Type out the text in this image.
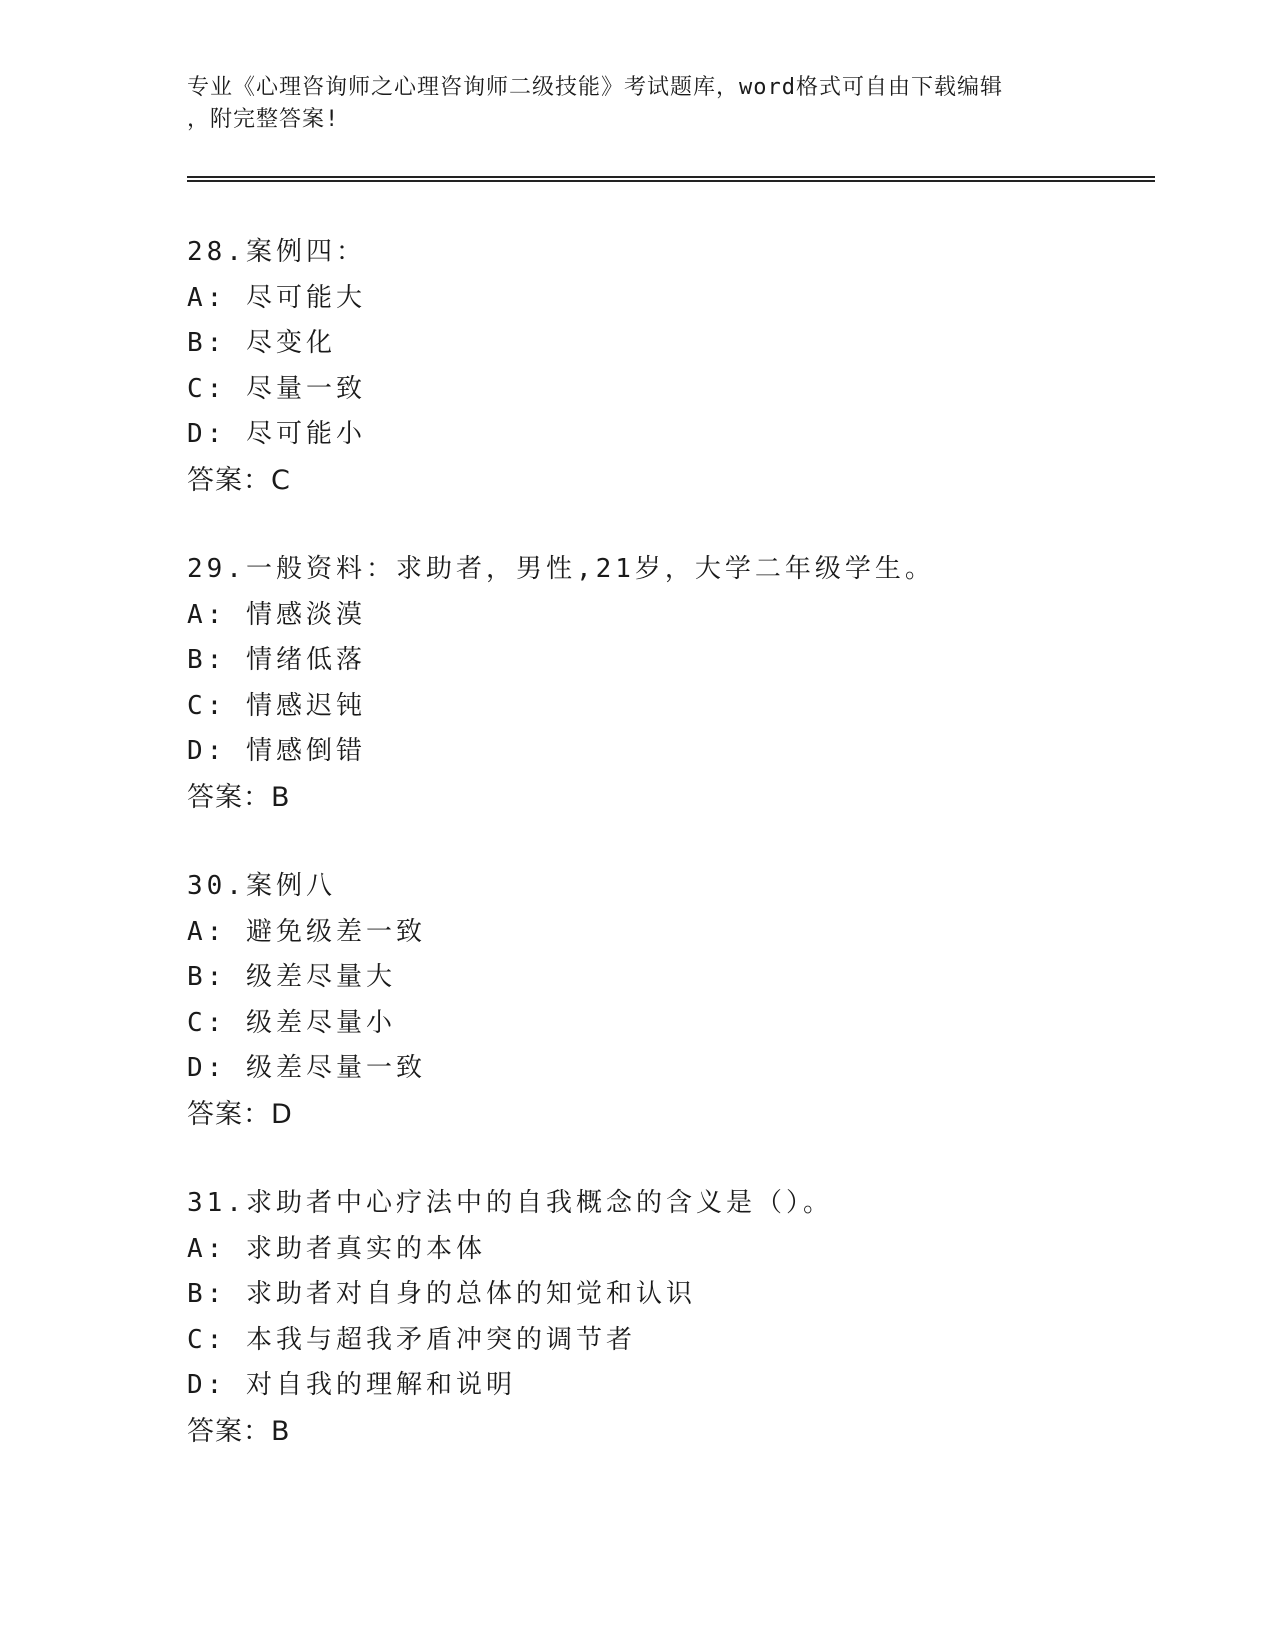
专业《心理咨询师之心理咨询师二级技能》考试题库，word格式可自由下载编辑
，附完整答案!
28.案例四：
A: 尽可能大
B: 尽变化
C: 尽量一致
D: 尽可能小
答案：C
29.一般资料：求助者，男性,21岁，大学二年级学生。
A: 情感淡漠
B: 情绪低落
C: 情感迟钝
D: 情感倒错
答案：B
30.案例八
A: 避免级差一致
B: 级差尽量大
C: 级差尽量小
D: 级差尽量一致
答案：D
31.求助者中心疗法中的自我概念的含义是（）。
A: 求助者真实的本体
B: 求助者对自身的总体的知觉和认识
C: 本我与超我矛盾冲突的调节者
D: 对自我的理解和说明
答案：B
